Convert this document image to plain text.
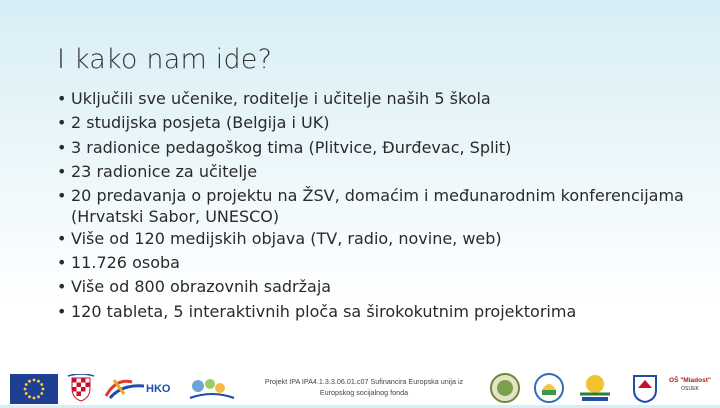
I kako nam ide?
• Uključili sve učenike, roditelje i učitelje naših 5 škola
• 2 studijska posjeta (Belgija i UK)
• 3 radionice pedagoškog tima (Plitvice, Đurđevac, Split)
• 23 radionice za učitelje
• 20 predavanja o projektu na ŽSV, domaćim i međunarodnim konferencijama (Hrvatski Sabor, UNESCO)
• Više od 120 medijskih objava (TV, radio, novine, web)
• 11.726 osoba
• Više od 800 obrazovnih sadržaja
• 120 tableta, 5 interaktivnih ploča sa širokokutnim projektorima
HKO
Projekt IPA IPA4.1.3.3.06.01.c07 Sufinancira Europska unija iz
Europskog socijalnog fonda
OŠ "Mladost"
OSIJEK
